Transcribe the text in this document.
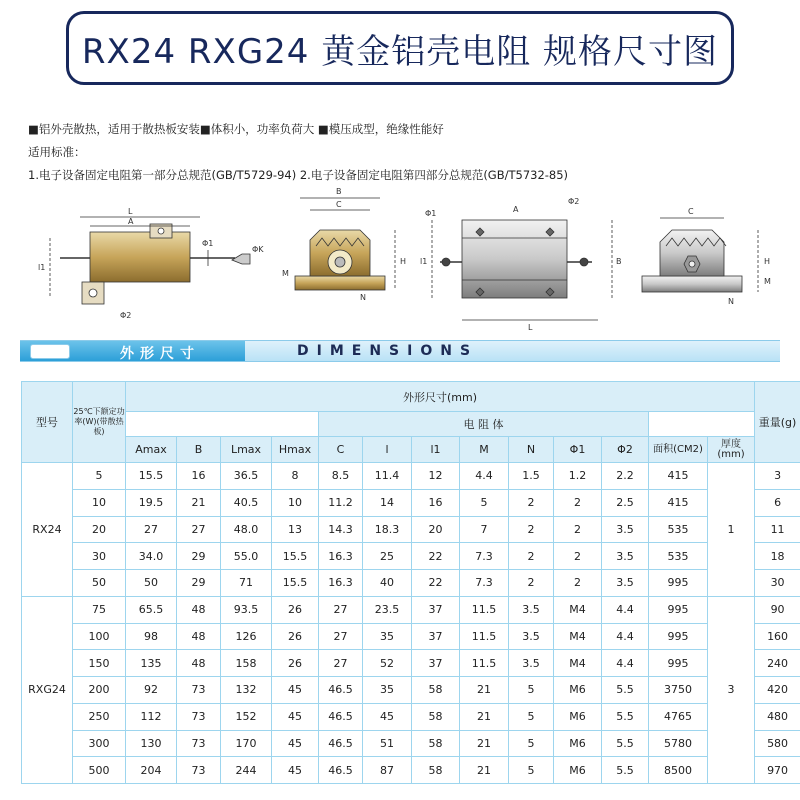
RX24 RXG24 黄金铝壳电阻 规格尺寸图
■铝外壳散热，适用于散热板安装■体积小，功率负荷大 ■模压成型，绝缘性能好
适用标准：
1.电子设备固定电阻第一部分总规范(GB/T5729-94) 2.电子设备固定电阻第四部分总规范(GB/T5732-85)
L
A
l1
ΦK
Φ1
Φ2
B
C
H
M
N
A
Φ1
Φ2
B
l1
L
C
H
M
N
外形尺寸	DIMENSIONS
型号	25℃下额定功率(W)(带散热板)	外形尺寸(mm)													重量(g)
						电 阻 体									
		Amax	B	Lmax	Hmax	C	l	l1	M	N	Φ1	Φ2	面积(CM2)	厚度(mm)	
RX24	5	15.5	16	36.5	8	8.5	11.4	12	4.4	1.5	1.2	2.2	415	1	3
	10	19.5	21	40.5	10	11.2	14	16	5	2	2	2.5	415		6
	20	27	27	48.0	13	14.3	18.3	20	7	2	2	3.5	535		11
	30	34.0	29	55.0	15.5	16.3	25	22	7.3	2	2	3.5	535		18
	50	50	29	71	15.5	16.3	40	22	7.3	2	2	3.5	995		30
RXG24	75	65.5	48	93.5	26	27	23.5	37	11.5	3.5	M4	4.4	995	3	90
	100	98	48	126	26	27	35	37	11.5	3.5	M4	4.4	995		160
	150	135	48	158	26	27	52	37	11.5	3.5	M4	4.4	995		240
	200	92	73	132	45	46.5	35	58	21	5	M6	5.5	3750		420
	250	112	73	152	45	46.5	45	58	21	5	M6	5.5	4765		480
	300	130	73	170	45	46.5	51	58	21	5	M6	5.5	5780		580
	500	204	73	244	45	46.5	87	58	21	5	M6	5.5	8500		970
